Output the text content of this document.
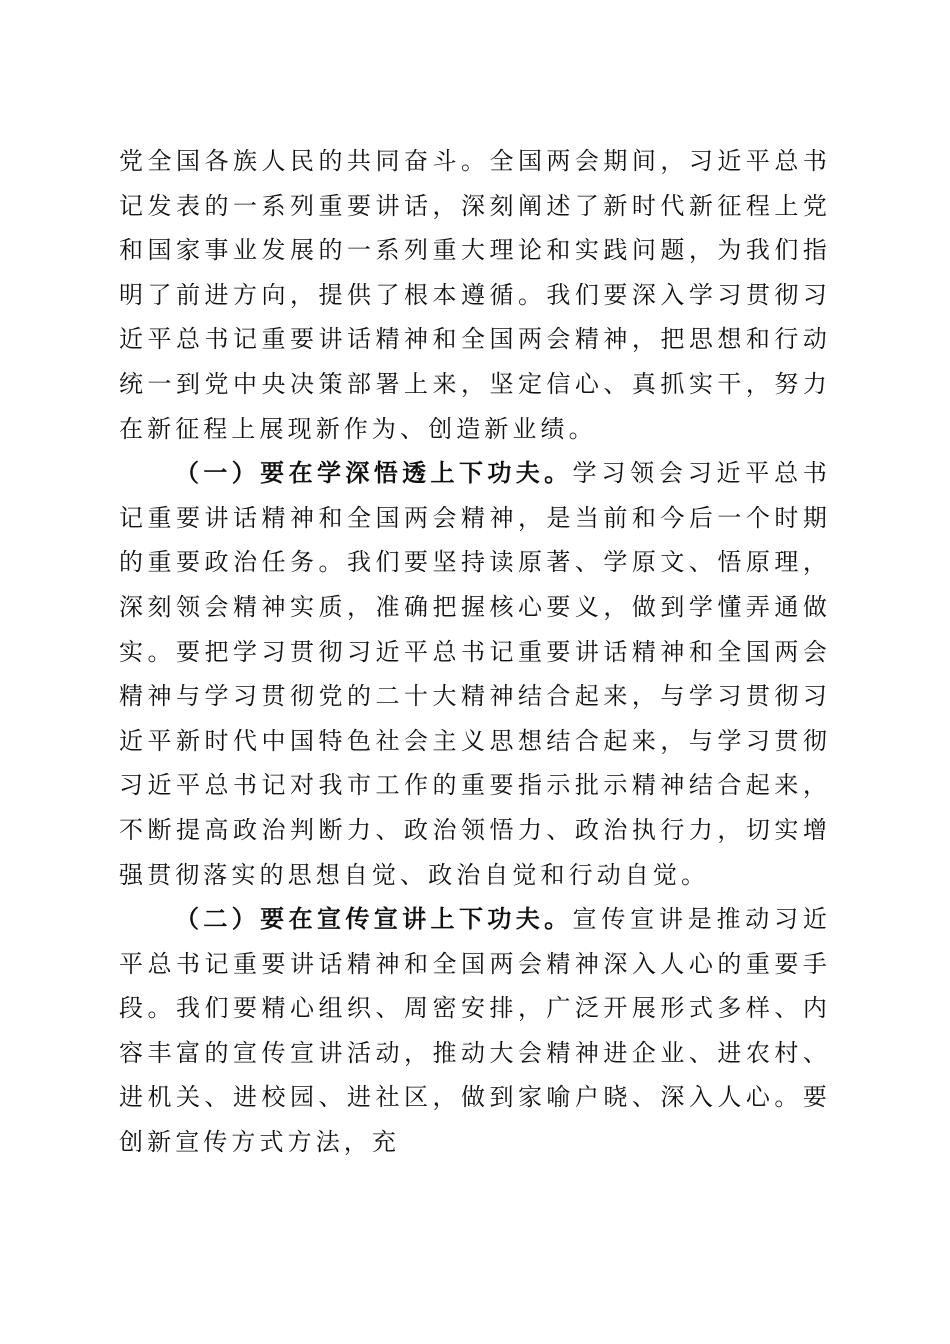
党全国各族人民的共同奋斗。全国两会期间，习近平总书记发表的一系列重要讲话，深刻阐述了新时代新征程上党和国家事业发展的一系列重大理论和实践问题，为我们指明了前进方向，提供了根本遵循。我们要深入学习贯彻习近平总书记重要讲话精神和全国两会精神，把思想和行动统一到党中央决策部署上来，坚定信心、真抓实干，努力在新征程上展现新作为、创造新业绩。

（一）要在学深悟透上下功夫。学习领会习近平总书记重要讲话精神和全国两会精神，是当前和今后一个时期的重要政治任务。我们要坚持读原著、学原文、悟原理，深刻领会精神实质，准确把握核心要义，做到学懂弄通做实。要把学习贯彻习近平总书记重要讲话精神和全国两会精神与学习贯彻党的二十大精神结合起来，与学习贯彻习近平新时代中国特色社会主义思想结合起来，与学习贯彻习近平总书记对我市工作的重要指示批示精神结合起来，不断提高政治判断力、政治领悟力、政治执行力，切实增强贯彻落实的思想自觉、政治自觉和行动自觉。

（二）要在宣传宣讲上下功夫。宣传宣讲是推动习近平总书记重要讲话精神和全国两会精神深入人心的重要手段。我们要精心组织、周密安排，广泛开展形式多样、内容丰富的宣传宣讲活动，推动大会精神进企业、进农村、进机关、进校园、进社区，做到家喻户晓、深入人心。要创新宣传方式方法，充
